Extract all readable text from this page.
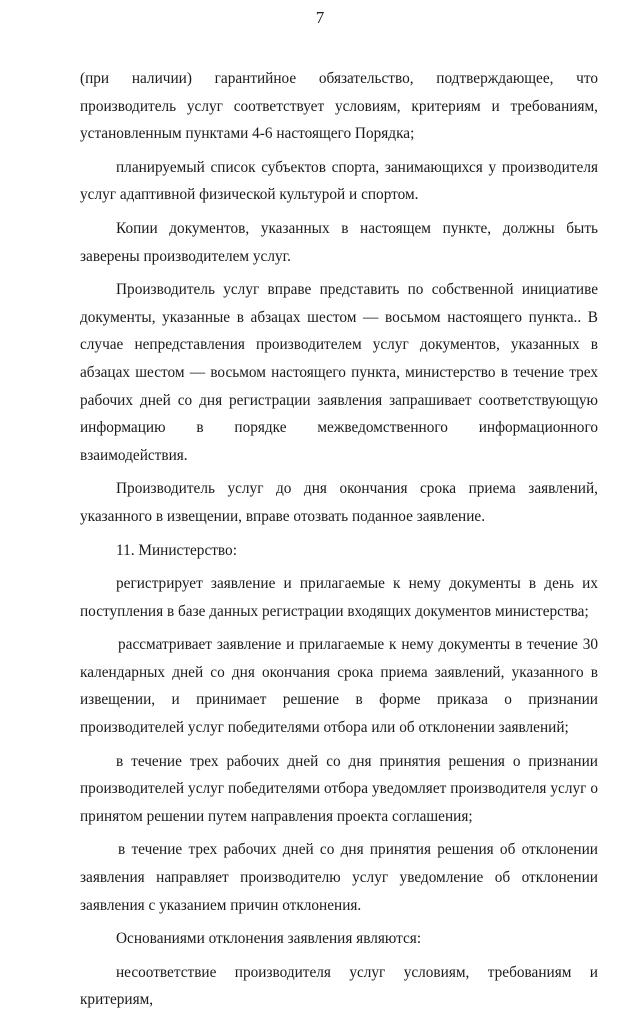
7

(при наличии) гарантийное обязательство, подтверждающее, что производитель услуг соответствует условиям, критериям и требованиям, установленным пунктами 4-6 настоящего Порядка;

планируемый список субъектов спорта, занимающихся у производителя услуг адаптивной физической культурой и спортом.

Копии документов, указанных в настоящем пункте, должны быть заверены производителем услуг.

Производитель услуг вправе представить по собственной инициативе документы, указанные в абзацах шестом — восьмом настоящего пункта.. В случае непредставления производителем услуг документов, указанных в абзацах шестом — восьмом настоящего пункта, министерство в течение трех рабочих дней со дня регистрации заявления запрашивает соответствующую информацию в порядке межведомственного информационного взаимодействия.

Производитель услуг до дня окончания срока приема заявлений, указанного в извещении, вправе отозвать поданное заявление.

11. Министерство:

регистрирует заявление и прилагаемые к нему документы в день их поступления в базе данных регистрации входящих документов министерства;

рассматривает заявление и прилагаемые к нему документы в течение 30 календарных дней со дня окончания срока приема заявлений, указанного в извещении, и принимает решение в форме приказа о признании производителей услуг победителями отбора или об отклонении заявлений;

в течение трех рабочих дней со дня принятия решения о признании производителей услуг победителями отбора уведомляет производителя услуг о принятом решении путем направления проекта соглашения;

в течение трех рабочих дней со дня принятия решения об отклонении заявления направляет производителю услуг уведомление об отклонении заявления с указанием причин отклонения.

Основаниями отклонения заявления являются:

несоответствие производителя услуг условиям, требованиям и критериям,
